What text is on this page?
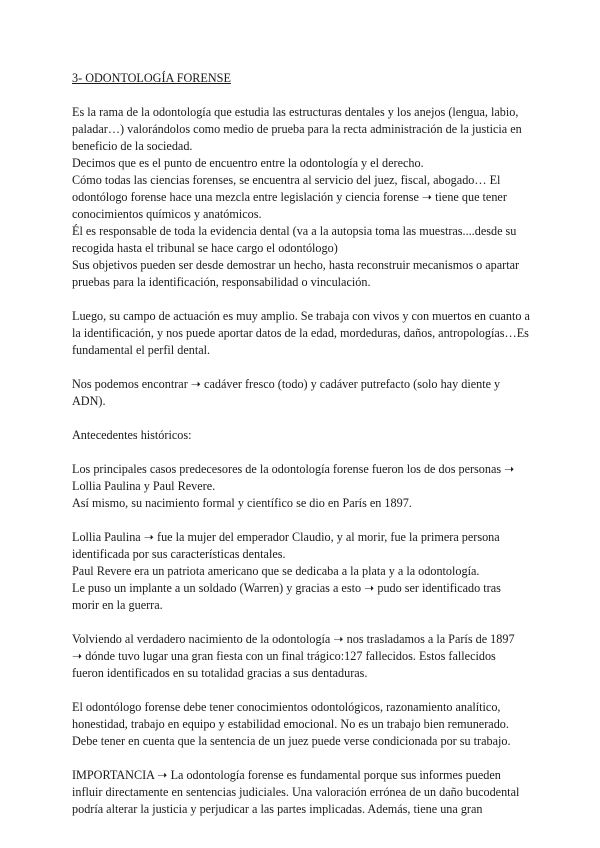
3- ODONTOLOGÍA FORENSE
Es la rama de la odontología que estudia las estructuras dentales y los anejos (lengua, labio,
paladar…) valorándolos como medio de prueba para la recta administración de la justicia en
beneficio de la sociedad.
Decimos que es el punto de encuentro entre la odontología y el derecho.
Cómo todas las ciencias forenses, se encuentra al servicio del juez, fiscal, abogado… El
odontólogo forense hace una mezcla entre legislación y ciencia forense ➝ tiene que tener
conocimientos químicos y anatómicos.
Él es responsable de toda la evidencia dental (va a la autopsia toma las muestras....desde su
recogida hasta el tribunal se hace cargo el odontólogo)
Sus objetivos pueden ser desde demostrar un hecho, hasta reconstruir mecanismos o apartar
pruebas para la identificación, responsabilidad o vinculación.
Luego, su campo de actuación es muy amplio. Se trabaja con vivos y con muertos en cuanto a
la identificación, y nos puede aportar datos de la edad, mordeduras, daños, antropologías…Es
fundamental el perfil dental.
Nos podemos encontrar ➝ cadáver fresco (todo) y cadáver putrefacto (solo hay diente y
ADN).
Antecedentes históricos:
Los principales casos predecesores de la odontología forense fueron los de dos personas ➝
Lollia Paulina y Paul Revere.
Así mismo, su nacimiento formal y científico se dio en París en 1897.
Lollia Paulina ➝ fue la mujer del emperador Claudio, y al morir, fue la primera persona
identificada por sus características dentales.
Paul Revere era un patriota americano que se dedicaba a la plata y a la odontología.
Le puso un implante a un soldado (Warren) y gracias a esto ➝ pudo ser identificado tras
morir en la guerra.
Volviendo al verdadero nacimiento de la odontología ➝ nos trasladamos a la París de 1897
➝ dónde tuvo lugar una gran fiesta con un final trágico:127 fallecidos. Estos fallecidos
fueron identificados en su totalidad gracias a sus dentaduras.
El odontólogo forense debe tener conocimientos odontológicos, razonamiento analítico,
honestidad, trabajo en equipo y estabilidad emocional. No es un trabajo bien remunerado.
Debe tener en cuenta que la sentencia de un juez puede verse condicionada por su trabajo.
IMPORTANCIA ➝ La odontología forense es fundamental porque sus informes pueden
influir directamente en sentencias judiciales. Una valoración errónea de un daño bucodental
podría alterar la justicia y perjudicar a las partes implicadas. Además, tiene una gran
